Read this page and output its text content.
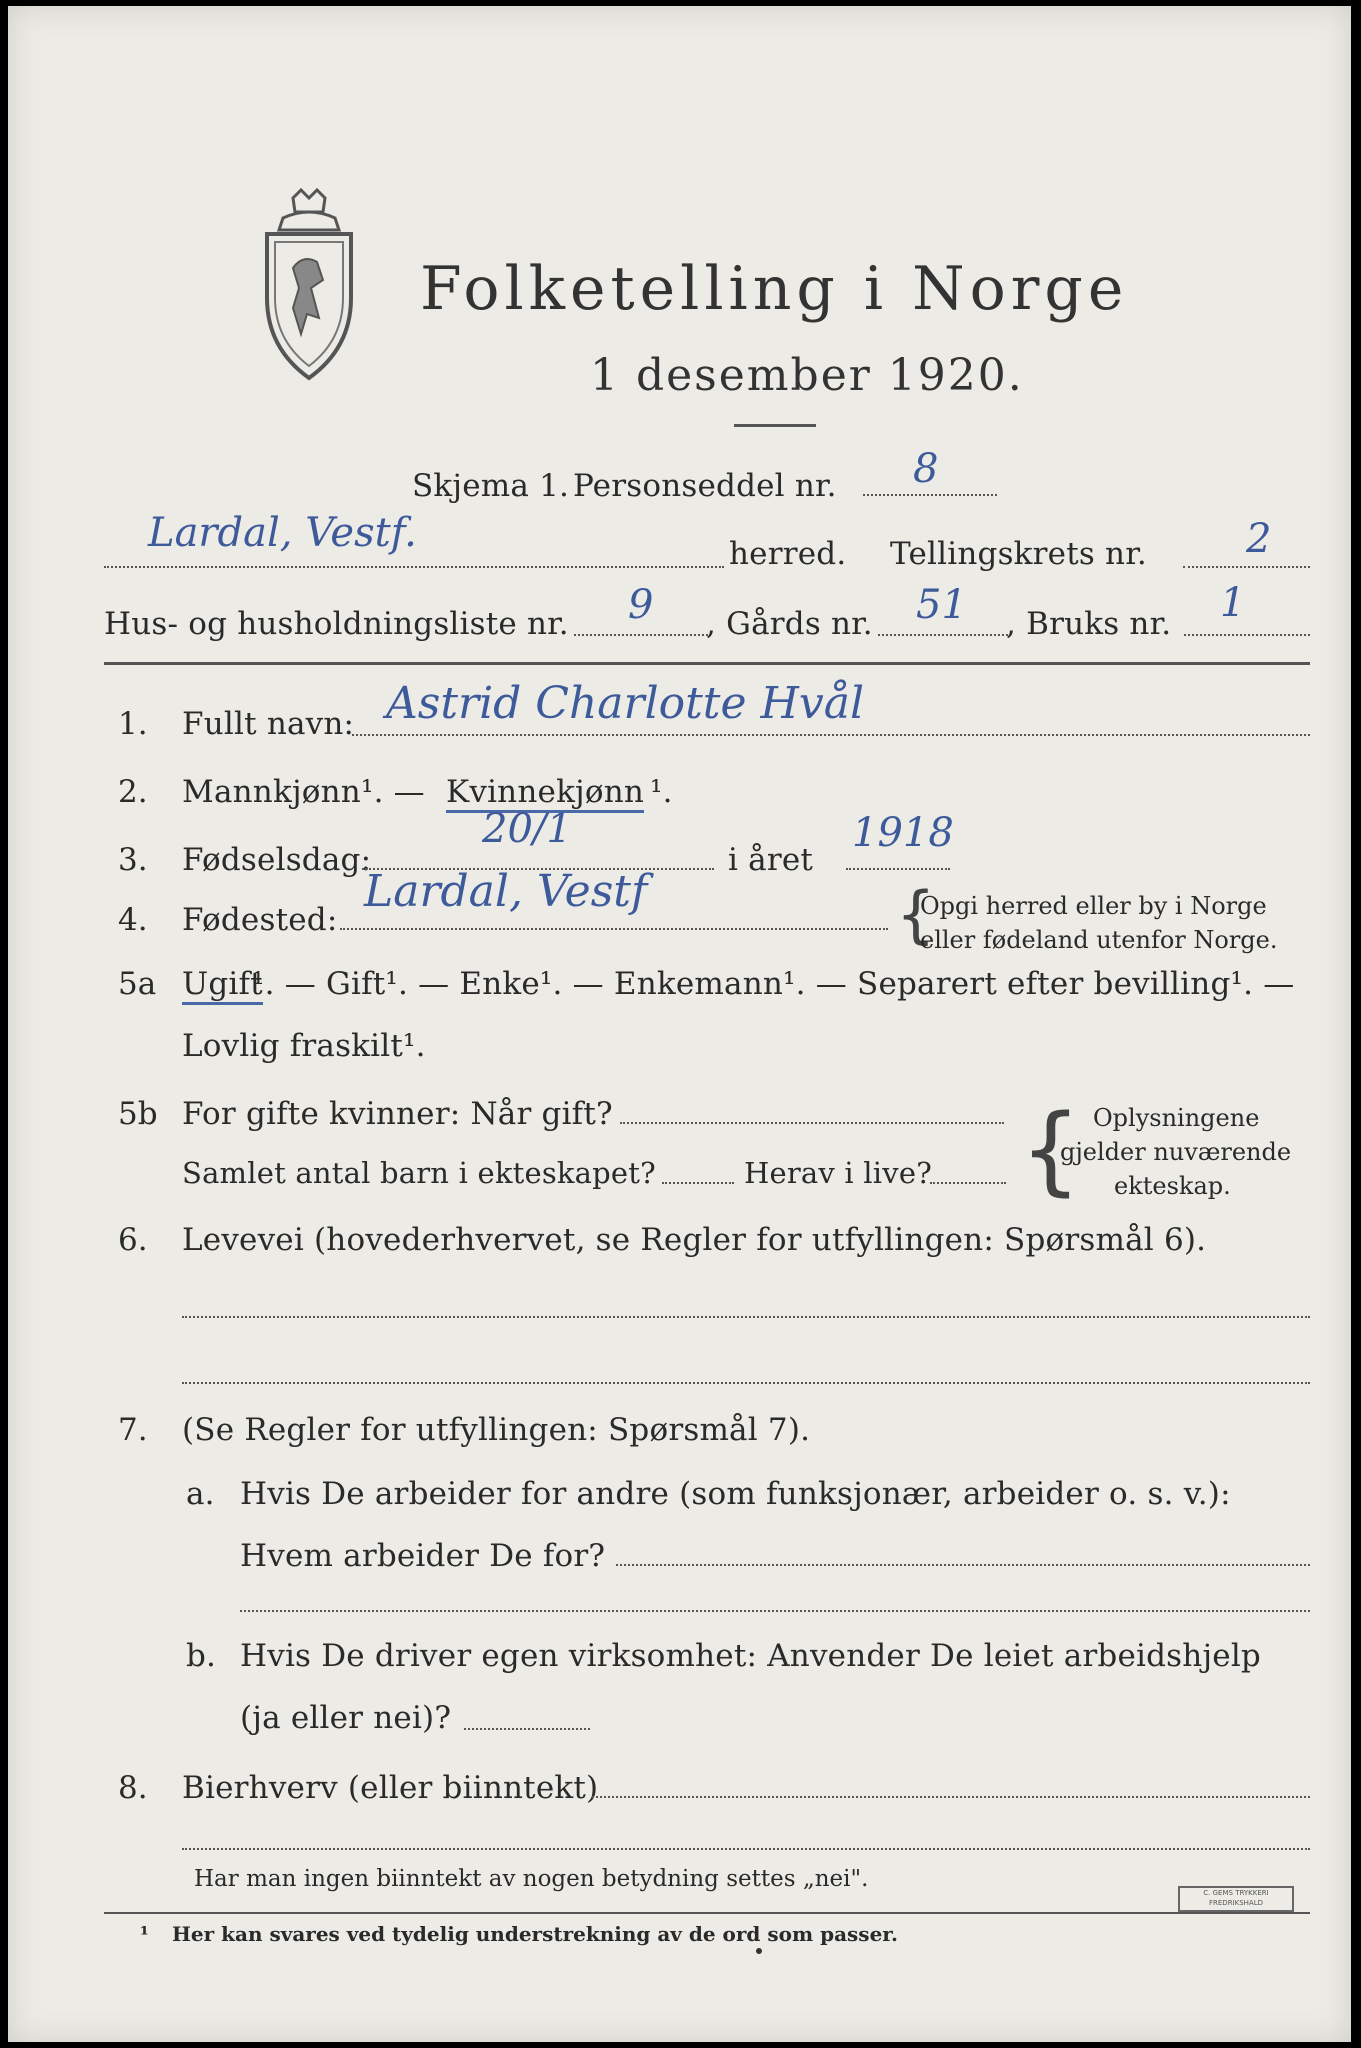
Folketelling i Norge
1 desember 1920.
Skjema 1. Personseddel nr. 8
Lardal, Vestf.	herred. Tellingskrets nr. 2
Hus- og husholdningsliste nr. 9 , Gårds nr. 51 , Bruks nr. 1
1. Fullt navn: Astrid Charlotte Hvål
2. Mannkjønn¹. — Kvinnekjønn ¹.
3. Fødselsdag:
20/1
i året
1918
4. Fødested:
Lardal, Vestf	{
Opgi herred eller by i Norge
eller fødeland utenfor Norge.
5a Ugift
¹. — Gift¹. — Enke¹. — Enkemann¹. — Separert efter bevilling¹. —
Lovlig fraskilt¹.
5b For gifte kvinner: Når gift?
Samlet antal barn i ekteskapet?	Herav i live? { Oplysningene
gjelder nuværende
ekteskap.
6. Levevei (hovederhvervet, se Regler for utfyllingen: Spørsmål 6).
7. (Se Regler for utfyllingen: Spørsmål 7).
a. Hvis De arbeider for andre (som funksjonær, arbeider o. s. v.):
Hvem arbeider De for?
b. Hvis De driver egen virksomhet: Anvender De leiet arbeidshjelp
(ja eller nei)?
8. Bierhverv (eller biinntekt)
Har man ingen biinntekt av nogen betydning settes „nei".
¹ Her kan svares ved tydelig understrekning av de ord som passer.
C. GEMS TRYKKERI FREDRIKSHALD
